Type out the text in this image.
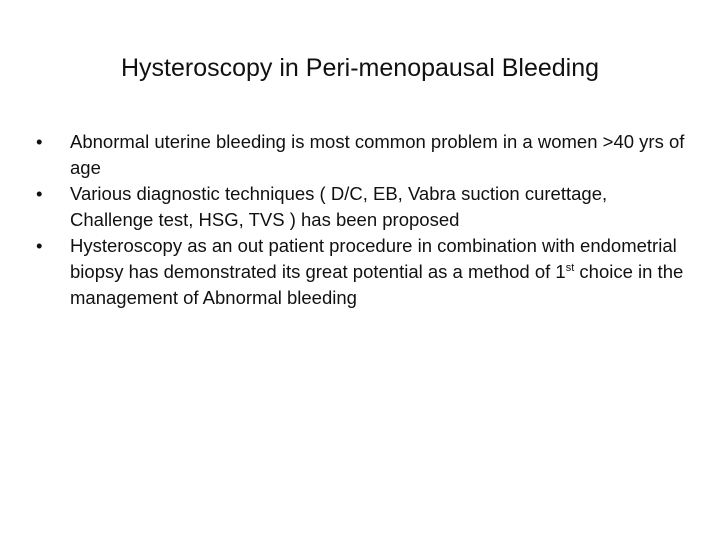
Hysteroscopy in Peri-menopausal Bleeding
•	Abnormal uterine bleeding is most common problem in a women >40 yrs of age
•	Various diagnostic techniques ( D/C, EB, Vabra suction curettage, Challenge test, HSG, TVS ) has been proposed
•	Hysteroscopy as an out patient procedure in combination with endometrial biopsy has demonstrated its great potential as a method of 1st choice in the management of Abnormal bleeding
